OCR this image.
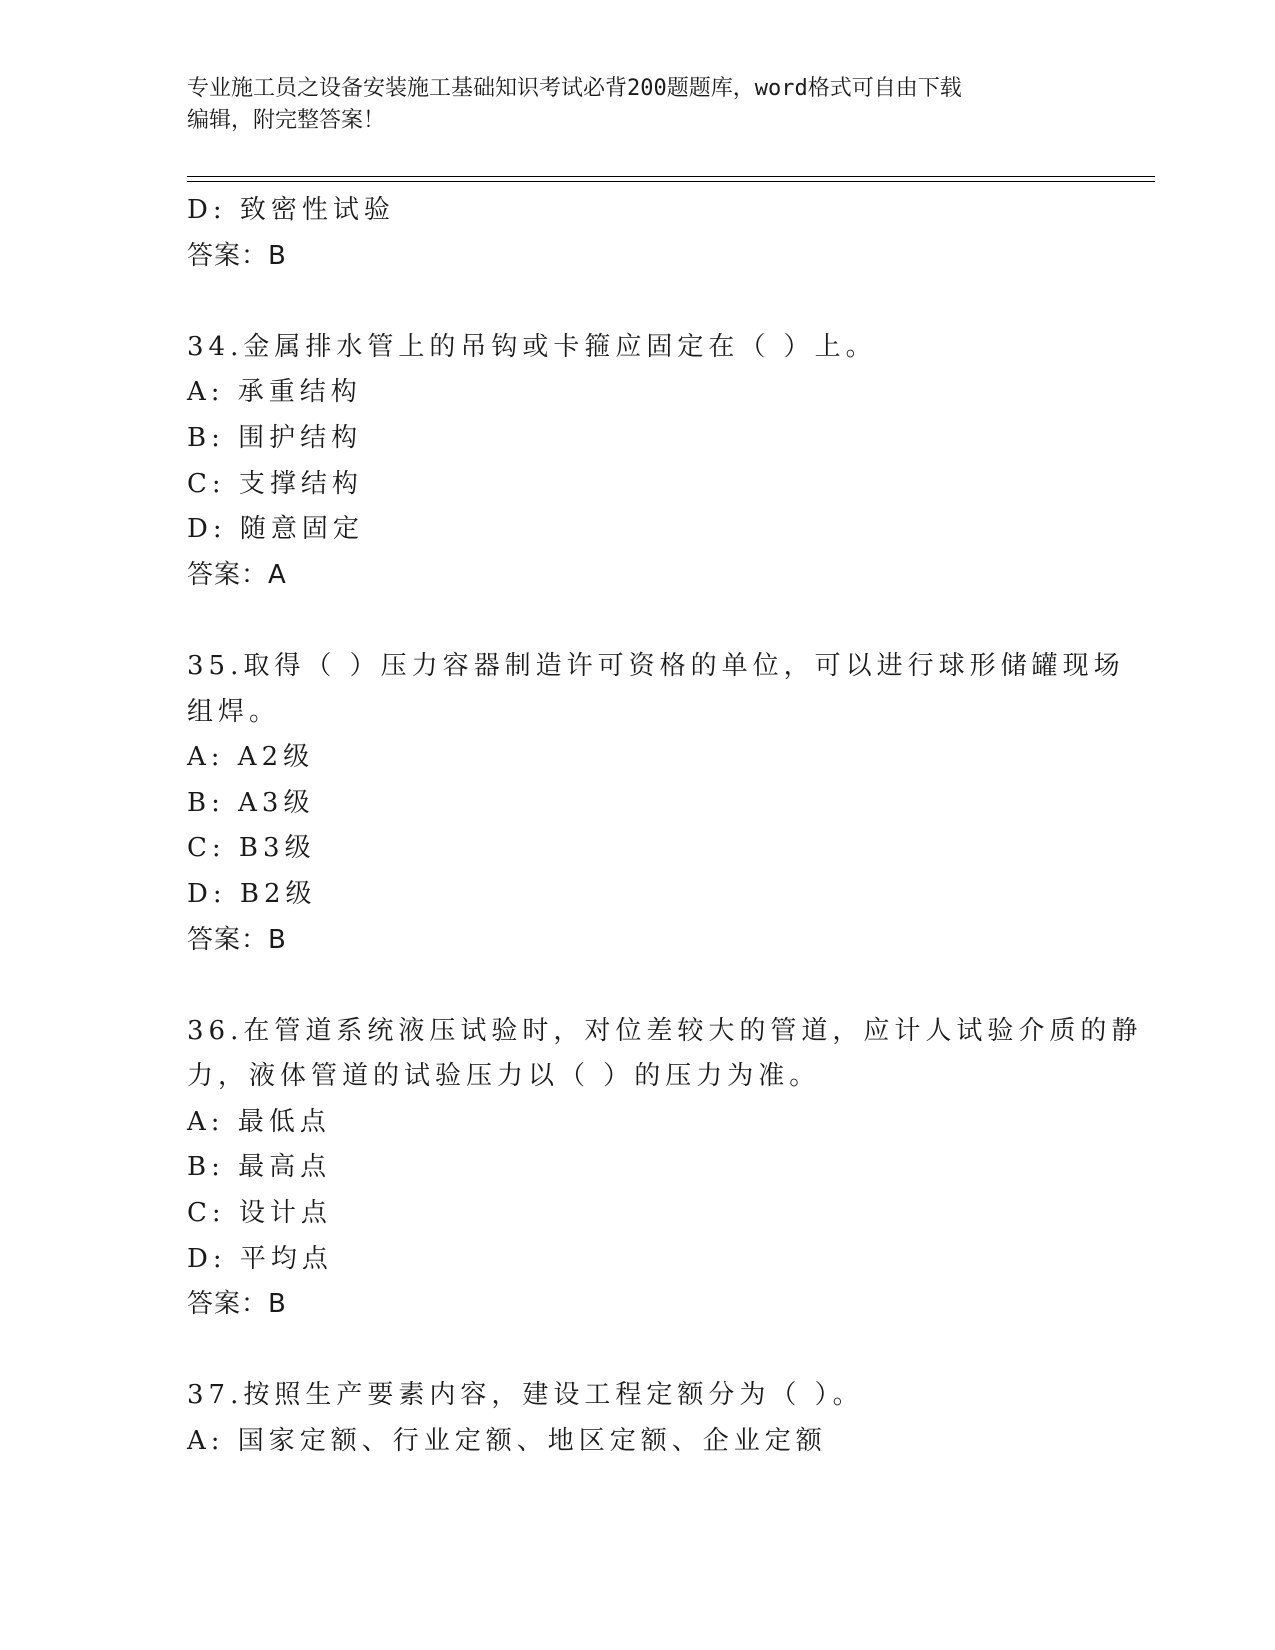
专业施工员之设备安装施工基础知识考试必背200题题库，word格式可自由下载
编辑，附完整答案！
D: 致密性试验
答案：B
34.金属排水管上的吊钩或卡箍应固定在（ ）上。
A: 承重结构
B: 围护结构
C: 支撑结构
D: 随意固定
答案：A
35.取得（ ）压力容器制造许可资格的单位，可以进行球形储罐现场
组焊。
A: A2级
B: A3级
C: B3级
D: B2级
答案：B
36.在管道系统液压试验时，对位差较大的管道，应计人试验介质的静
力，液体管道的试验压力以（ ）的压力为准。
A: 最低点
B: 最高点
C: 设计点
D: 平均点
答案：B
37.按照生产要素内容，建设工程定额分为（ ）。
A: 国家定额、行业定额、地区定额、企业定额
